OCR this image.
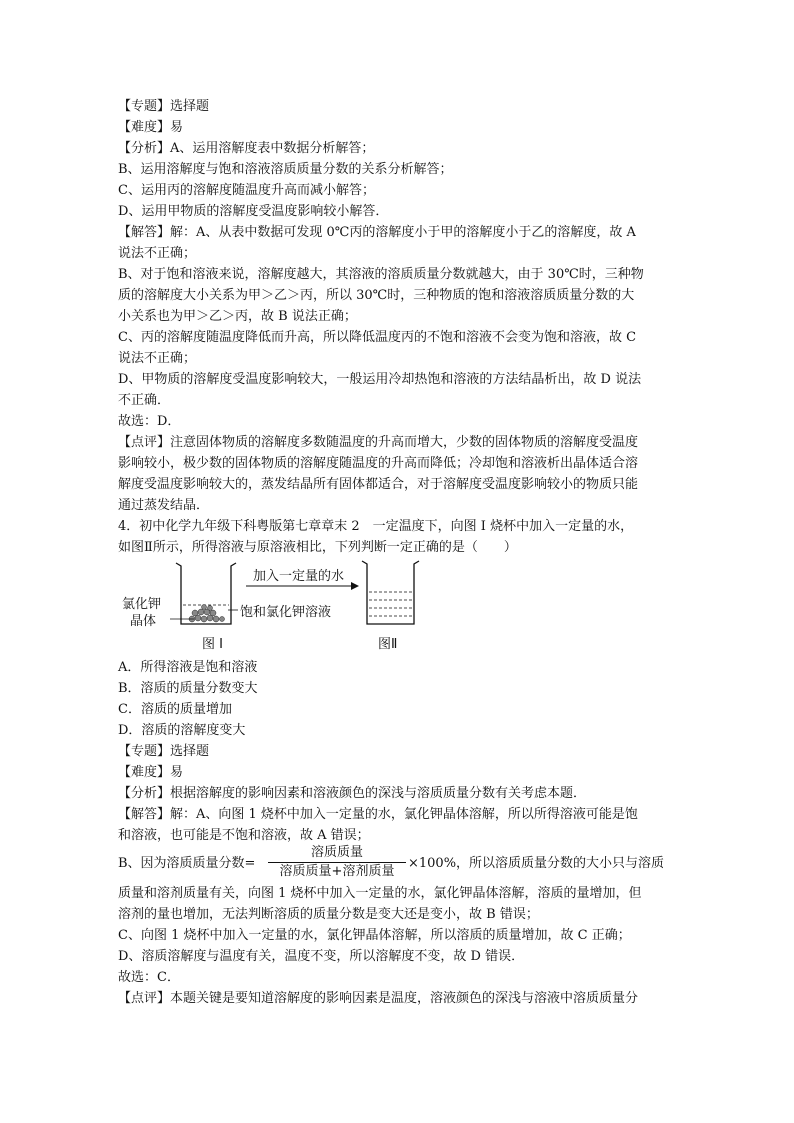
【专题】选择题
【难度】易
【分析】A、运用溶解度表中数据分析解答；
B、运用溶解度与饱和溶液溶质质量分数的关系分析解答；
C、运用丙的溶解度随温度升高而减小解答；
D、运用甲物质的溶解度受温度影响较小解答．
【解答】解：A、从表中数据可发现 0℃丙的溶解度小于甲的溶解度小于乙的溶解度，故 A
说法不正确；
B、对于饱和溶液来说，溶解度越大，其溶液的溶质质量分数就越大，由于 30℃时，三种物
质的溶解度大小关系为甲＞乙＞丙，所以 30℃时，三种物质的饱和溶液溶质质量分数的大
小关系也为甲＞乙＞丙，故 B 说法正确；
C、丙的溶解度随温度降低而升高，所以降低温度丙的不饱和溶液不会变为饱和溶液，故 C
说法不正确；
D、甲物质的溶解度受温度影响较大，一般运用冷却热饱和溶液的方法结晶析出，故 D 说法
不正确．
故选：D．
【点评】注意固体物质的溶解度多数随温度的升高而增大，少数的固体物质的溶解度受温度
影响较小，极少数的固体物质的溶解度随温度的升高而降低；冷却饱和溶液析出晶体适合溶
解度受温度影响较大的，蒸发结晶所有固体都适合，对于溶解度受温度影响较小的物质只能
通过蒸发结晶．
4．初中化学九年级下科粤版第七章章末 2　一定温度下，向图 I 烧杯中加入一定量的水，
如图Ⅱ所示，所得溶液与原溶液相比，下列判断一定正确的是（　　）
加入一定量的水
氯化钾
晶体
饱和氯化钾溶液
图 I	图Ⅱ
A．所得溶液是饱和溶液
B．溶质的质量分数变大
C．溶质的质量增加
D．溶质的溶解度变大
【专题】选择题
【难度】易
【分析】根据溶解度的影响因素和溶液颜色的深浅与溶质质量分数有关考虑本题．
【解答】解：A、向图 1 烧杯中加入一定量的水，氯化钾晶体溶解，所以所得溶液可能是饱
和溶液，也可能是不饱和溶液，故 A 错误；
B、因为溶质质量分数=
溶质质量
溶质质量+溶剂质量
×100%，所以溶质质量分数的大小只与溶质
质量和溶剂质量有关，向图 1 烧杯中加入一定量的水，氯化钾晶体溶解，溶质的量增加，但
溶剂的量也增加，无法判断溶质的质量分数是变大还是变小，故 B 错误；
C、向图 1 烧杯中加入一定量的水，氯化钾晶体溶解，所以溶质的质量增加，故 C 正确；
D、溶质溶解度与温度有关，温度不变，所以溶解度不变，故 D 错误．
故选：C．
【点评】本题关键是要知道溶解度的影响因素是温度，溶液颜色的深浅与溶液中溶质质量分
